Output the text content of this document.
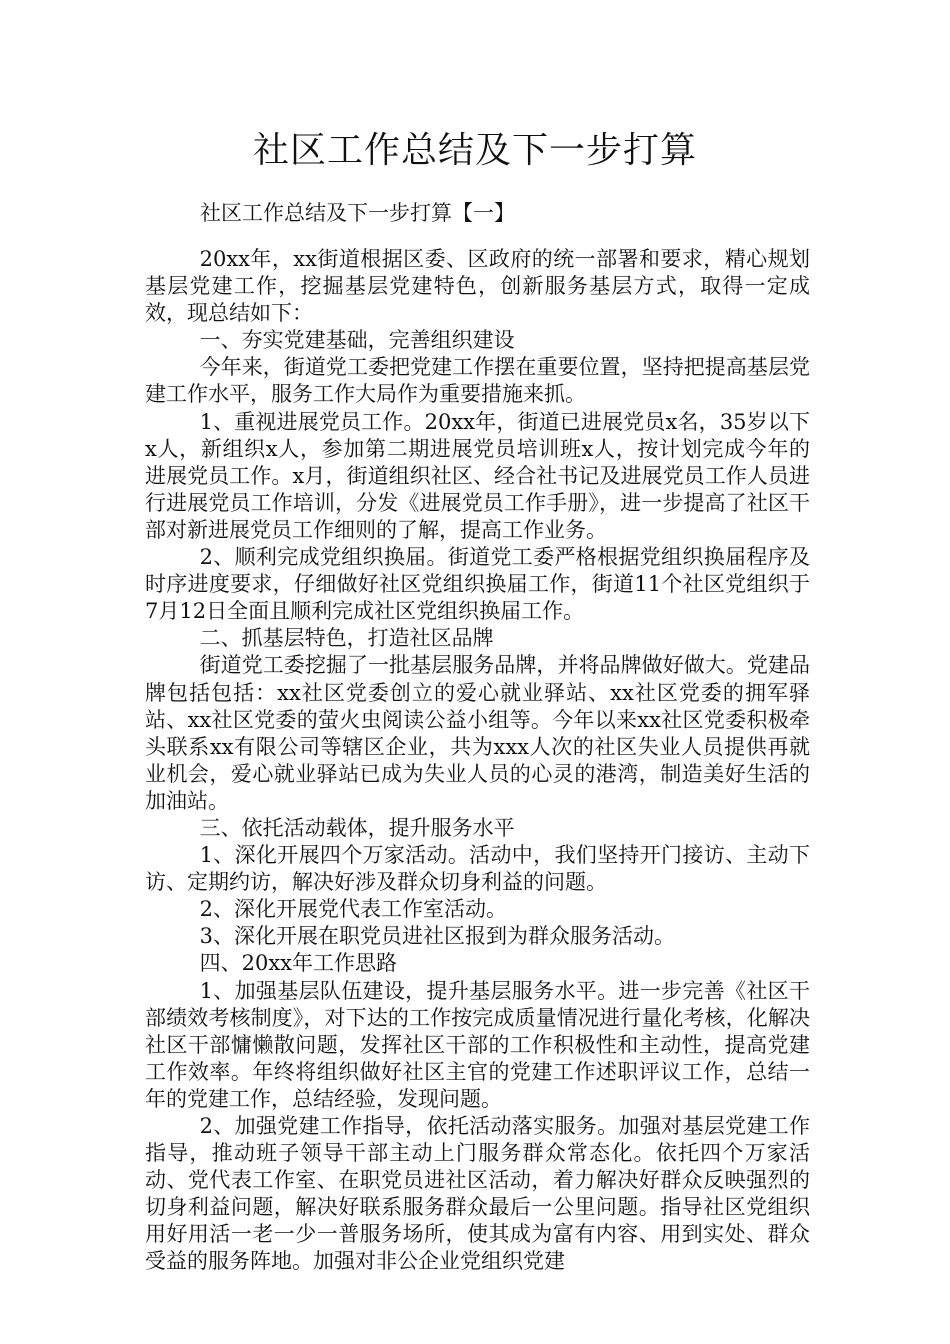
社区工作总结及下一步打算

社区工作总结及下一步打算【一】

20xx年，xx街道根据区委、区政府的统一部署和要求，精心规划基层党建工作，挖掘基层党建特色，创新服务基层方式，取得一定成效，现总结如下：

一、夯实党建基础，完善组织建设

今年来，街道党工委把党建工作摆在重要位置，坚持把提高基层党建工作水平，服务工作大局作为重要措施来抓。

1、重视进展党员工作。20xx年，街道已进展党员x名，35岁以下x人，新组织x人，参加第二期进展党员培训班x人，按计划完成今年的进展党员工作。x月，街道组织社区、经合社书记及进展党员工作人员进行进展党员工作培训，分发《进展党员工作手册》，进一步提高了社区干部对新进展党员工作细则的了解，提高工作业务。

2、顺利完成党组织换届。街道党工委严格根据党组织换届程序及时序进度要求，仔细做好社区党组织换届工作，街道11个社区党组织于7月12日全面且顺利完成社区党组织换届工作。

二、抓基层特色，打造社区品牌

街道党工委挖掘了一批基层服务品牌，并将品牌做好做大。党建品牌包括包括：xx社区党委创立的爱心就业驿站、xx社区党委的拥军驿站、xx社区党委的萤火虫阅读公益小组等。今年以来xx社区党委积极牵头联系xx有限公司等辖区企业，共为xxx人次的社区失业人员提供再就业机会，爱心就业驿站已成为失业人员的心灵的港湾，制造美好生活的加油站。

三、依托活动载体，提升服务水平

1、深化开展四个万家活动。活动中，我们坚持开门接访、主动下访、定期约访，解决好涉及群众切身利益的问题。

2、深化开展党代表工作室活动。

3、深化开展在职党员进社区报到为群众服务活动。

四、20xx年工作思路

1、加强基层队伍建设，提升基层服务水平。进一步完善《社区干部绩效考核制度》，对下达的工作按完成质量情况进行量化考核，化解决社区干部慵懒散问题，发挥社区干部的工作积极性和主动性，提高党建工作效率。年终将组织做好社区主官的党建工作述职评议工作，总结一年的党建工作，总结经验，发现问题。

2、加强党建工作指导，依托活动落实服务。加强对基层党建工作指导，推动班子领导干部主动上门服务群众常态化。依托四个万家活动、党代表工作室、在职党员进社区活动，着力解决好群众反映强烈的切身利益问题，解决好联系服务群众最后一公里问题。指导社区党组织用好用活一老一少一普服务场所，使其成为富有内容、用到实处、群众受益的服务阵地。加强对非公企业党组织党建
